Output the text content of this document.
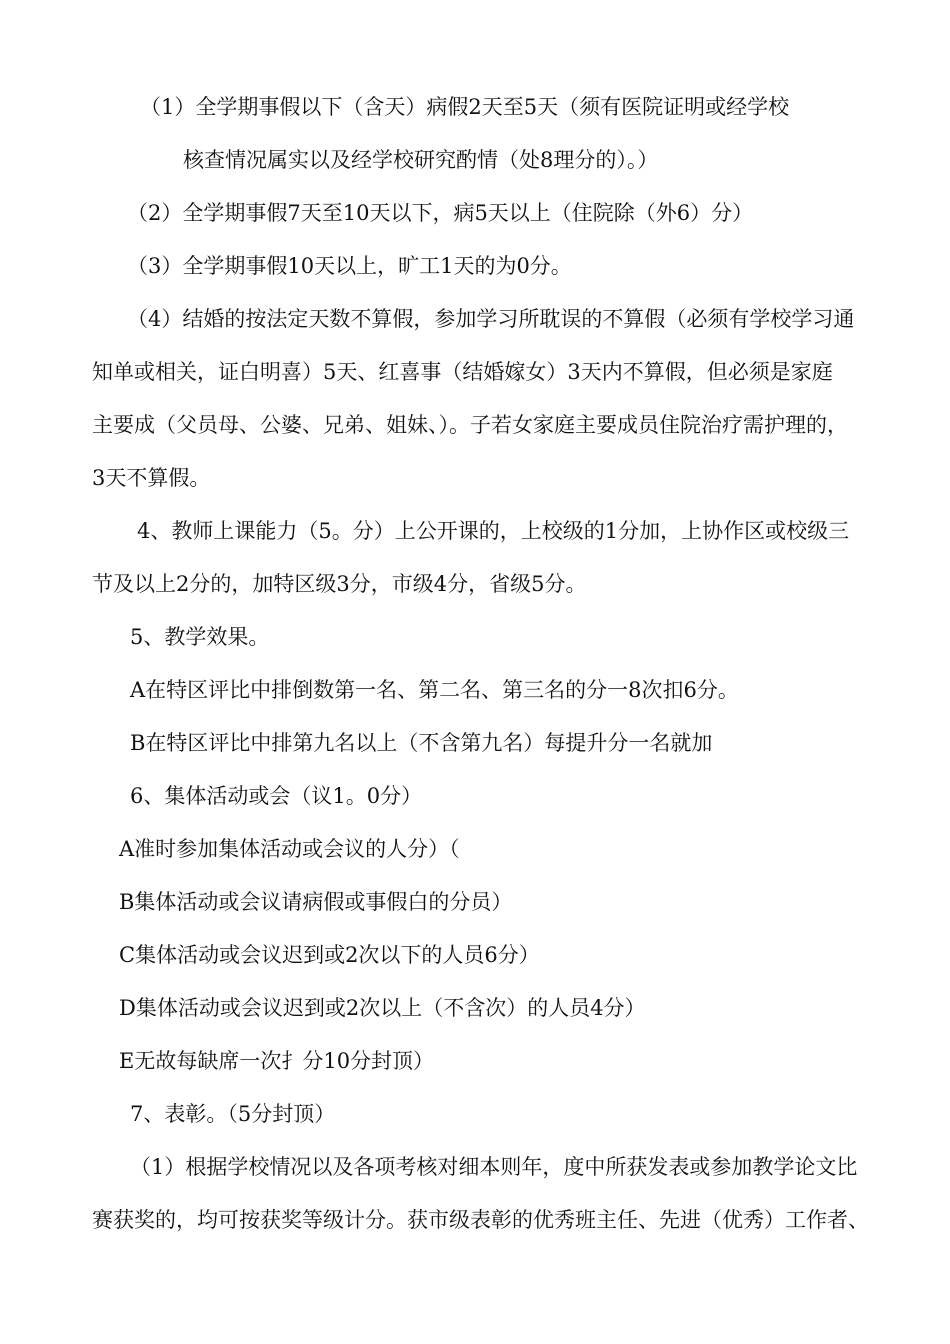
（1）全学期事假以下（含天）病假2天至5天（须有医院证明或经学校
核查情况属实以及经学校研究酌情（处8理分的）。）
（2）全学期事假7天至10天以下，病5天以上（住院除（外6）分）
（3）全学期事假10天以上，旷工1天的为0分。
（4）结婚的按法定天数不算假，参加学习所耽误的不算假（必须有学校学习通
知单或相关，证白明喜）5天、红喜事（结婚嫁女）3天内不算假，但必须是家庭
主要成（父员母、公婆、兄弟、姐妹、）。子若女家庭主要成员住院治疗需护理的，
3天不算假。
4、教师上课能力（5。分）上公开课的，上校级的1分加，上协作区或校级三
节及以上2分的，加特区级3分，市级4分，省级5分。
5、教学效果。
A在特区评比中排倒数第一名、第二名、第三名的分一8次扣6分。
B在特区评比中排第九名以上（不含第九名）每提升分一名就加
6、集体活动或会（议1。0分）
A准时参加集体活动或会议的人分）（
B集体活动或会议请病假或事假白的分员）
C集体活动或会议迟到或2次以下的人员6分）
D集体活动或会议迟到或2次以上（不含次）的人员4分）
E无故每缺席一次扌分10分封顶）
7、表彰。（5分封顶）
（1）根据学校情况以及各项考核对细本则年，度中所获发表或参加教学论文比
赛获奖的，均可按获奖等级计分。获市级表彰的优秀班主任、先进（优秀）工作者、
